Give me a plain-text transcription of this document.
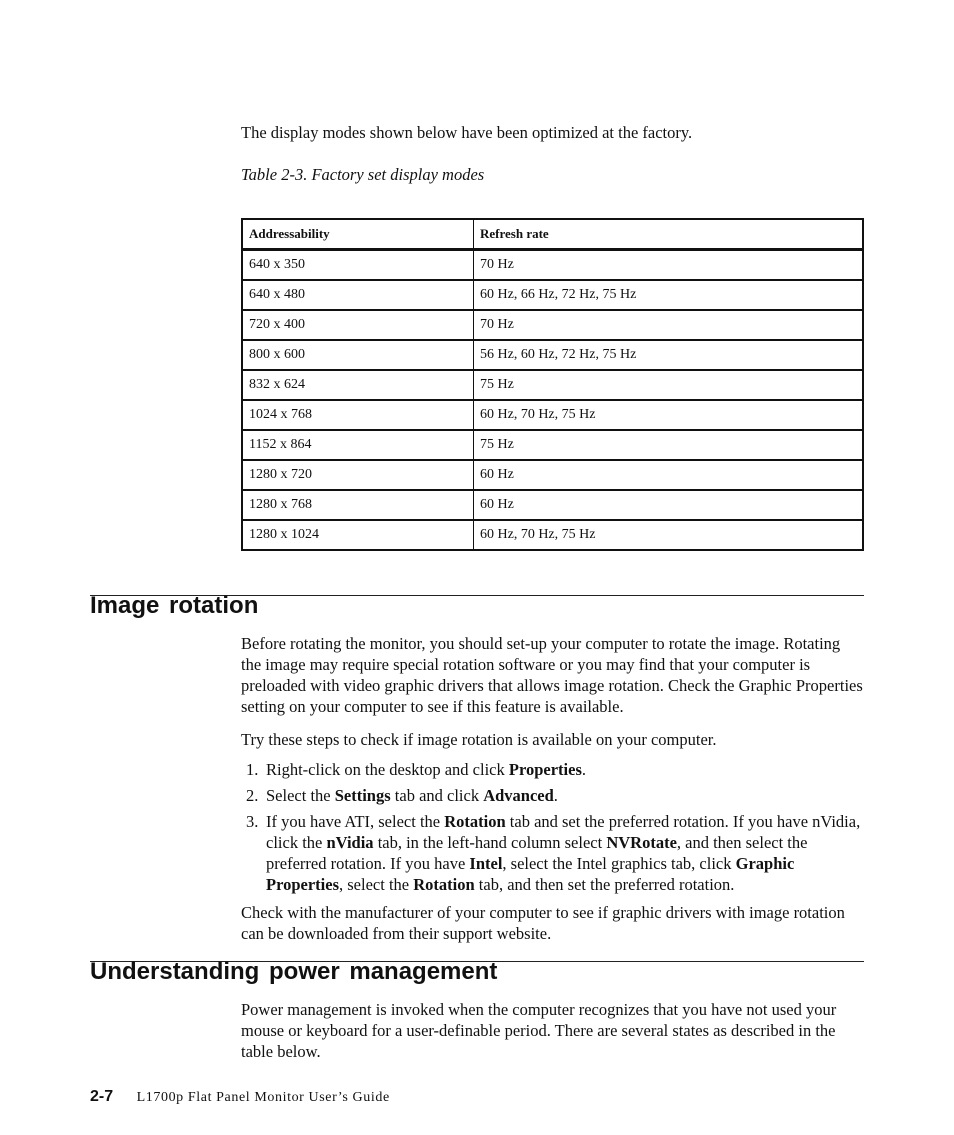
The display modes shown below have been optimized at the factory.

Table 2-3. Factory set display modes

Addressability	Refresh rate
640 x 350	70 Hz
640 x 480	60 Hz, 66 Hz, 72 Hz, 75 Hz
720 x 400	70 Hz
800 x 600	56 Hz, 60 Hz, 72 Hz, 75 Hz
832 x 624	75 Hz
1024 x 768	60 Hz, 70 Hz, 75 Hz
1152 x 864	75 Hz
1280 x 720	60 Hz
1280 x 768	60 Hz
1280 x 1024	60 Hz, 70 Hz, 75 Hz
Image rotation

Before rotating the monitor, you should set-up your computer to rotate the image. Rotating the image may require special rotation software or you may find that your computer is preloaded with video graphic drivers that allows image rotation. Check the Graphic Properties setting on your computer to see if this feature is available.

Try these steps to check if image rotation is available on your computer.

1. Right-click on the desktop and click Properties.
2. Select the Settings tab and click Advanced.
3. If you have ATI, select the Rotation tab and set the preferred rotation. If you have nVidia, click the nVidia tab, in the left-hand column select NVRotate, and then select the preferred rotation. If you have Intel, select the Intel graphics tab, click Graphic Properties, select the Rotation tab, and then set the preferred rotation.

Check with the manufacturer of your computer to see if graphic drivers with image rotation can be downloaded from their support website.

Understanding power management

Power management is invoked when the computer recognizes that you have not used your mouse or keyboard for a user-definable period. There are several states as described in the table below.

2-7 L1700p Flat Panel Monitor User’s Guide
